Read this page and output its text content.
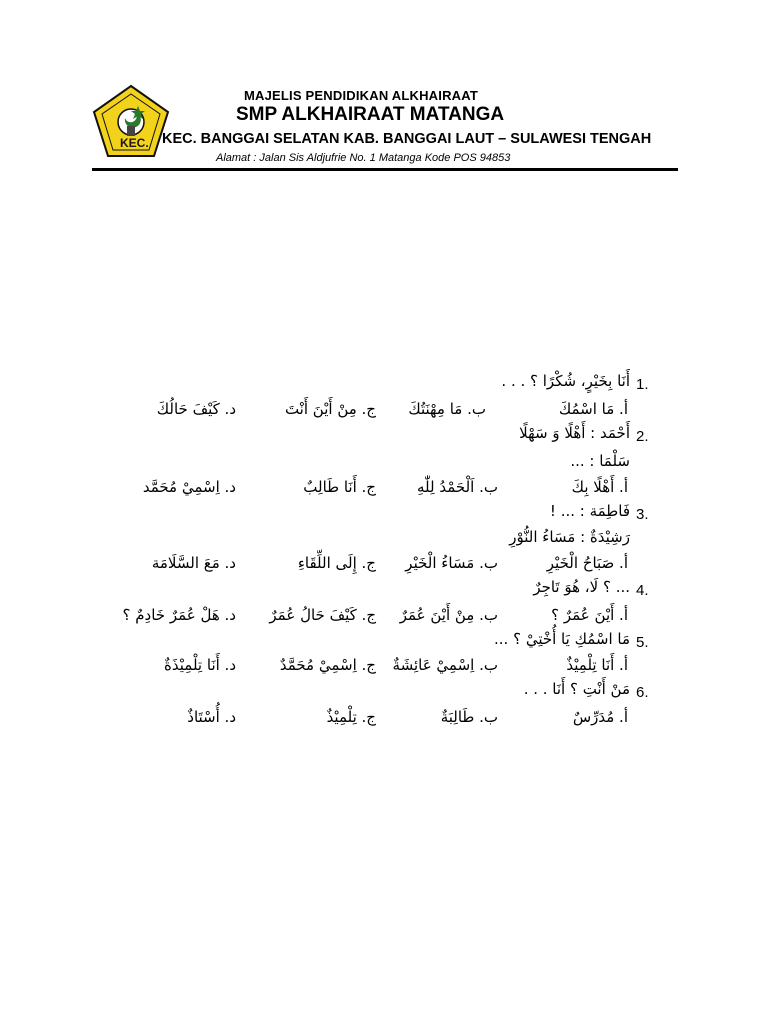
KEC.
MAJELIS PENDIDIKAN ALKHAIRAAT
SMP ALKHAIRAAT MATANGA
KEC. BANGGAI SELATAN KAB. BANGGAI LAUT – SULAWESI TENGAH
Alamat : Jalan Sis Aldjufrie No. 1 Matanga Kode POS 94853
1.
أَنَا بِخَيْرٍ، شُكْرًا ؟ . . .
أ. مَا اسْمُكَ
ب. مَا مِهْنَتُكَ
ج. مِنْ أَيْنَ أَنْتَ
د. كَيْفَ حَالُكَ
2.
أَحْمَد : أَهْلًا وَ سَهْلًا
سَلْمَا : ...
أ. أَهْلًا بِكَ
ب. اَلْحَمْدُ لِلّٰهِ
ج. أَنَا طَالِبٌ
د. اِسْمِيْ مُحَمَّد
3.
فَاطِمَة : ... !
رَشِيْدَةٌ : مَسَاءُ النُّوْرِ
أ. صَبَاحُ الْخَيْرِ
ب. مَسَاءُ الْخَيْرِ
ج. إِلَى اللِّقَاءِ
د. مَعَ السَّلَامَة
4.
... ؟ لَا، هُوَ تَاجِرٌ
أ. أَيْنَ عُمَرٌ ؟
ب. مِنْ أَيْنَ عُمَرٌ
ج. كَيْفَ حَالُ عُمَرٌ
د. هَلْ عُمَرٌ خَادِمٌ ؟
5.
مَا اسْمُكِ يَا أُخْتِيْ ؟ ...
أ. أَنَا تِلْمِيْذٌ
ب. اِسْمِيْ عَائِشَةٌ
ج. اِسْمِيْ مُحَمَّدٌ
د. أَنَا تِلْمِيْذَةٌ
6.
مَنْ أَنْتِ ؟ أَنَا . . .
أ. مُدَرِّسٌ
ب. طَالِبَةٌ
ج. تِلْمِيْذٌ
د. أُسْتَاذٌ
